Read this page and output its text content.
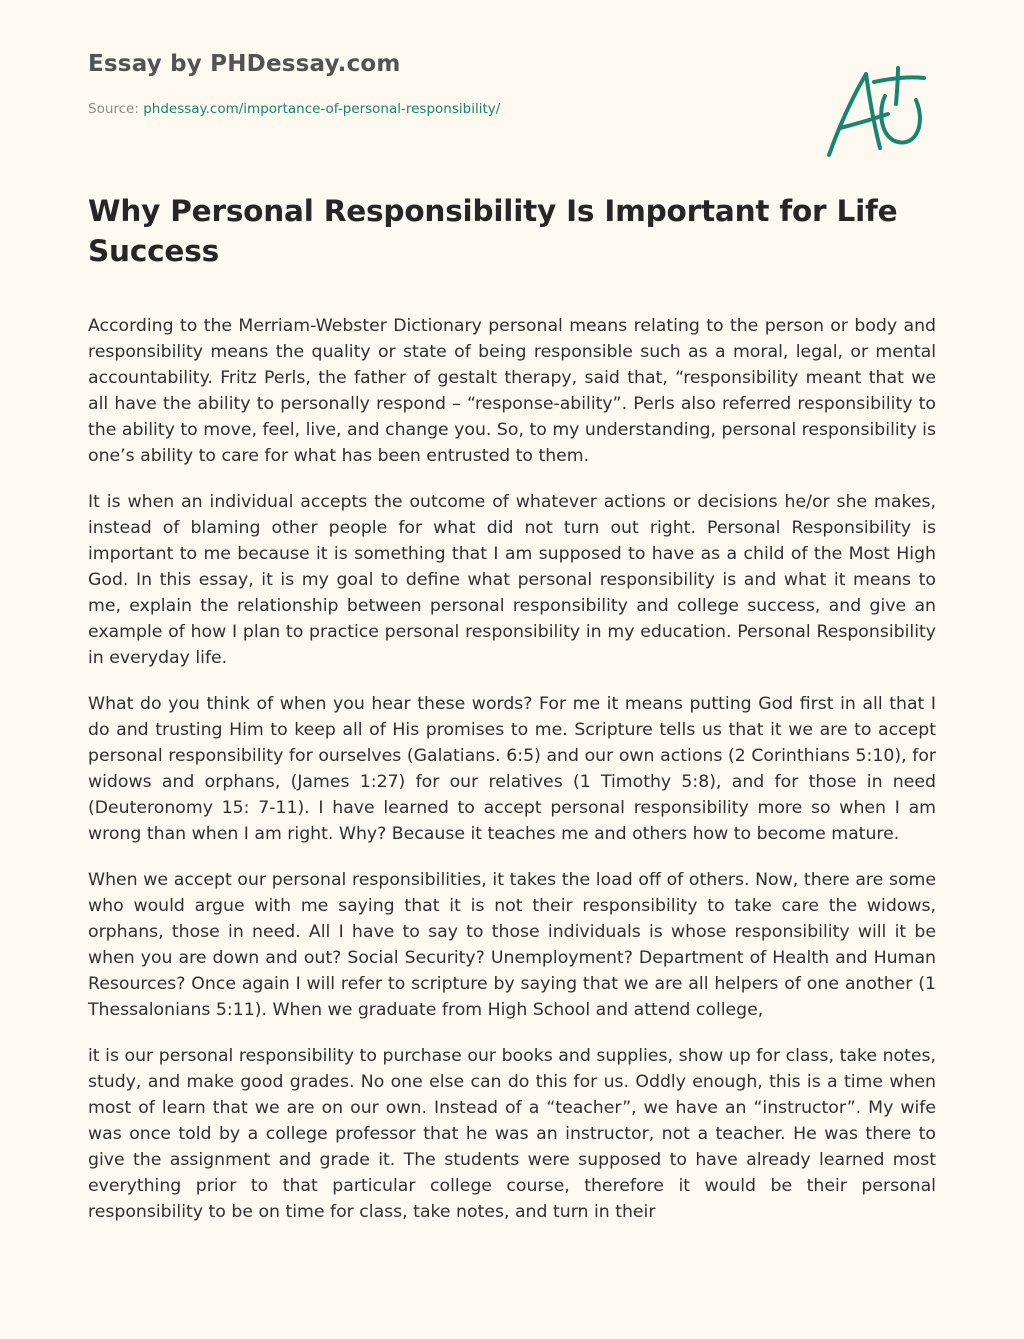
Essay by PHDessay.com

Source: phdessay.com/importance-of-personal-responsibility/

Why Personal Responsibility Is Important for Life Success

According to the Merriam-Webster Dictionary personal means relating to the person or body and responsibility means the quality or state of being responsible such as a moral, legal, or mental accountability. Fritz Perls, the father of gestalt therapy, said that, “responsibility meant that we all have the ability to personally respond – “response-ability”. Perls also referred responsibility to the ability to move, feel, live, and change you. So, to my understanding, personal responsibility is one’s ability to care for what has been entrusted to them.

It is when an individual accepts the outcome of whatever actions or decisions he/or she makes, instead of blaming other people for what did not turn out right. Personal Responsibility is important to me because it is something that I am supposed to have as a child of the Most High God. In this essay, it is my goal to define what personal responsibility is and what it means to me, explain the relationship between personal responsibility and college success, and give an example of how I plan to practice personal responsibility in my education. Personal Responsibility in everyday life.

What do you think of when you hear these words? For me it means putting God first in all that I do and trusting Him to keep all of His promises to me. Scripture tells us that it we are to accept personal responsibility for ourselves (Galatians. 6:5) and our own actions (2 Corinthians 5:10), for widows and orphans, (James 1:27) for our relatives (1 Timothy 5:8), and for those in need (Deuteronomy 15: 7-11). I have learned to accept personal responsibility more so when I am wrong than when I am right. Why? Because it teaches me and others how to become mature.

When we accept our personal responsibilities, it takes the load off of others. Now, there are some who would argue with me saying that it is not their responsibility to take care the widows, orphans, those in need. All I have to say to those individuals is whose responsibility will it be when you are down and out? Social Security? Unemployment? Department of Health and Human Resources? Once again I will refer to scripture by saying that we are all helpers of one another (1 Thessalonians 5:11). When we graduate from High School and attend college,

it is our personal responsibility to purchase our books and supplies, show up for class, take notes, study, and make good grades. No one else can do this for us. Oddly enough, this is a time when most of learn that we are on our own. Instead of a “teacher”, we have an “instructor”. My wife was once told by a college professor that he was an instructor, not a teacher. He was there to give the assignment and grade it. The students were supposed to have already learned most everything prior to that particular college course, therefore it would be their personal responsibility to be on time for class, take notes, and turn in their
